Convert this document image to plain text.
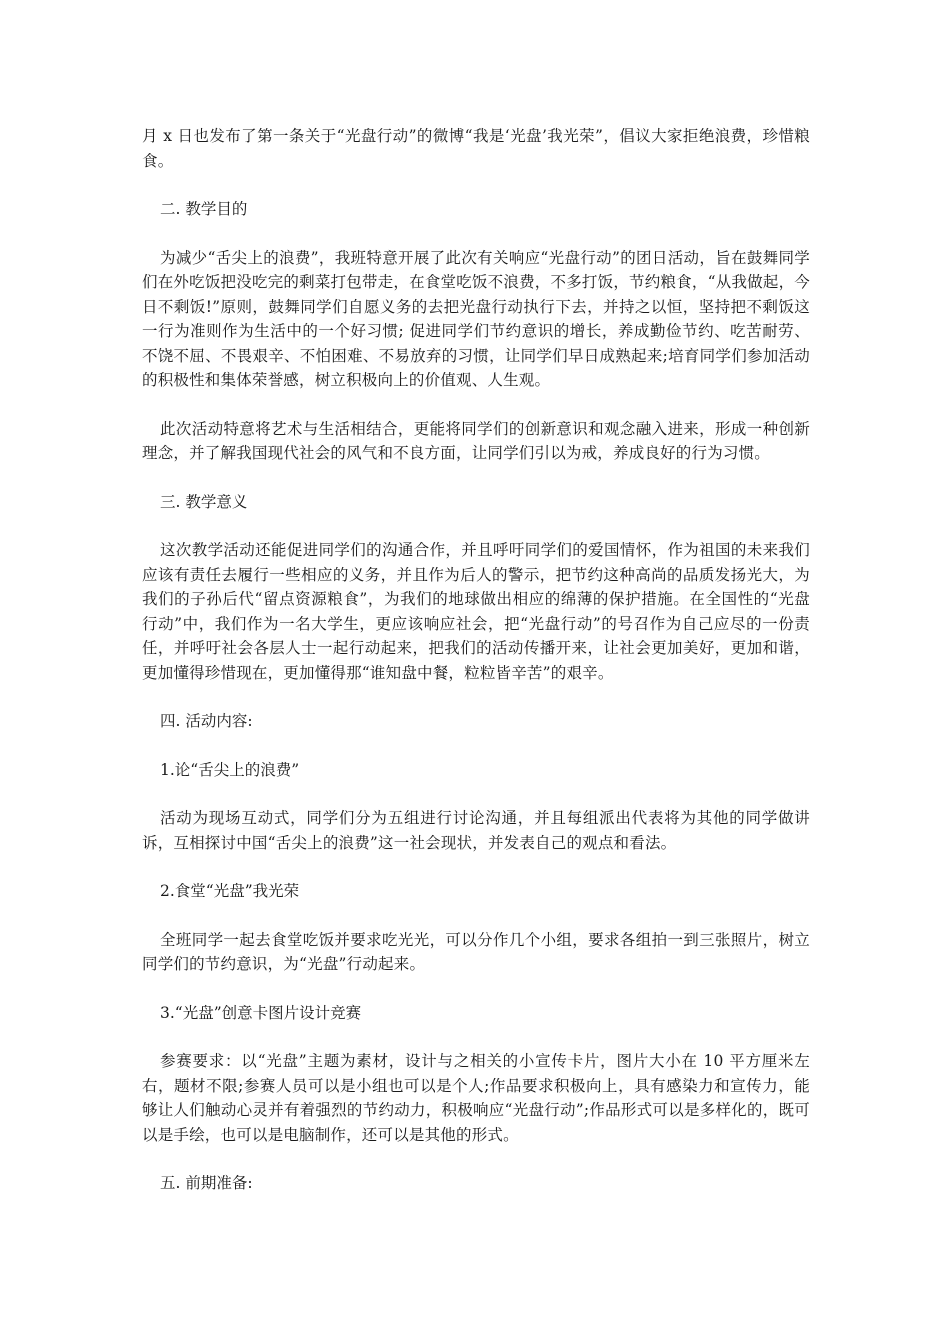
月 x 日也发布了第一条关于“光盘行动”的微博“我是‘光盘’我光荣”，倡议大家拒绝浪费，珍惜粮食。

二. 教学目的

为减少“舌尖上的浪费”，我班特意开展了此次有关响应“光盘行动”的团日活动，旨在鼓舞同学们在外吃饭把没吃完的剩菜打包带走，在食堂吃饭不浪费，不多打饭，节约粮食，“从我做起，今日不剩饭!”原则，鼓舞同学们自愿义务的去把光盘行动执行下去，并持之以恒，坚持把不剩饭这一行为准则作为生活中的一个好习惯; 促进同学们节约意识的增长，养成勤俭节约、吃苦耐劳、不饶不屈、不畏艰辛、不怕困难、不易放弃的习惯，让同学们早日成熟起来;培育同学们参加活动的积极性和集体荣誉感，树立积极向上的价值观、人生观。

此次活动特意将艺术与生活相结合，更能将同学们的创新意识和观念融入进来，形成一种创新理念，并了解我国现代社会的风气和不良方面，让同学们引以为戒，养成良好的行为习惯。

三. 教学意义

这次教学活动还能促进同学们的沟通合作，并且呼吁同学们的爱国情怀，作为祖国的未来我们应该有责任去履行一些相应的义务，并且作为后人的警示，把节约这种高尚的品质发扬光大，为我们的子孙后代“留点资源粮食”，为我们的地球做出相应的绵薄的保护措施。在全国性的“光盘行动”中，我们作为一名大学生，更应该响应社会，把“光盘行动”的号召作为自己应尽的一份责任，并呼吁社会各层人士一起行动起来，把我们的活动传播开来，让社会更加美好，更加和谐，更加懂得珍惜现在，更加懂得那“谁知盘中餐，粒粒皆辛苦”的艰辛。

四. 活动内容:
1.论“舌尖上的浪费”

活动为现场互动式，同学们分为五组进行讨论沟通，并且每组派出代表将为其他的同学做讲诉，互相探讨中国“舌尖上的浪费”这一社会现状，并发表自己的观点和看法。

2.食堂“光盘”我光荣

全班同学一起去食堂吃饭并要求吃光光，可以分作几个小组，要求各组拍一到三张照片，树立同学们的节约意识，为“光盘”行动起来。

3.“光盘”创意卡图片设计竞赛

参赛要求：以“光盘”主题为素材，设计与之相关的小宣传卡片，图片大小在 10 平方厘米左右，题材不限;参赛人员可以是小组也可以是个人;作品要求积极向上，具有感染力和宣传力，能够让人们触动心灵并有着强烈的节约动力，积极响应“光盘行动”;作品形式可以是多样化的，既可以是手绘，也可以是电脑制作，还可以是其他的形式。

五. 前期准备:
